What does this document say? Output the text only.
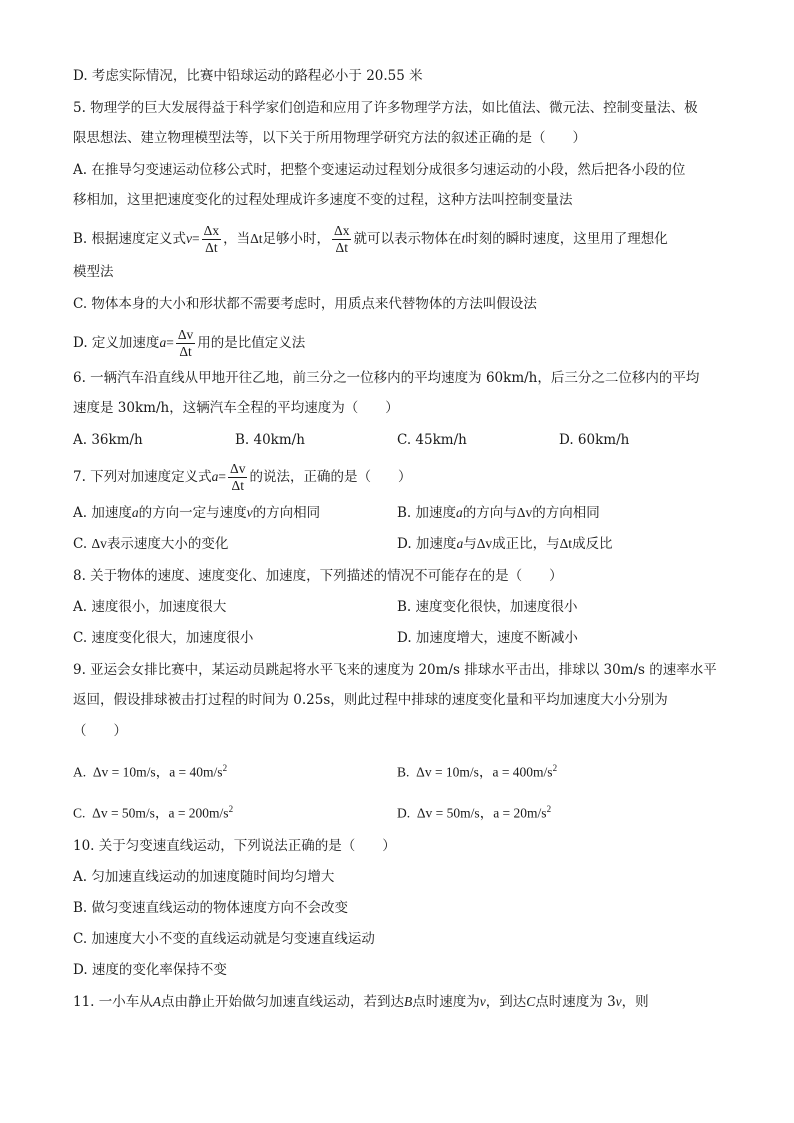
D. 考虑实际情况，比赛中铅球运动的路程必小于 20.55 米
5. 物理学的巨大发展得益于科学家们创造和应用了许多物理学方法，如比值法、微元法、控制变量法、极
限思想法、建立物理模型法等，以下关于所用物理学研究方法的叙述正确的是（　　）
A. 在推导匀变速运动位移公式时，把整个变速运动过程划分成很多匀速运动的小段，然后把各小段的位
移相加，这里把速度变化的过程处理成许多速度不变的过程，这种方法叫控制变量法
B. 根据速度定义式$v= \frac{\Delta x}{\Delta t}$ ，当Δt足够小时， $\frac{\Delta x}{\Delta t}$ 就可以表示物体在t时刻的瞬时速度，这里用了理想化
模型法
C. 物体本身的大小和形状都不需要考虑时，用质点来代替物体的方法叫假设法
D. 定义加速度$a= \frac{\Delta v}{\Delta t}$ 用的是比值定义法
6. 一辆汽车沿直线从甲地开往乙地，前三分之一位移内的平均速度为 60km/h，后三分之二位移内的平均
速度是 30km/h，这辆汽车全程的平均速度为（　　）
A. 36km/h	B. 40km/h	C. 45km/h	D. 60km/h
7. 下列对加速度定义式$a= \frac{\Delta v}{\Delta t}$ 的说法，正确的是（　　）
A. 加速度a的方向一定与速度v的方向相同	B. 加速度a的方向与Δv的方向相同
C. Δv表示速度大小的变化	D. 加速度a与Δv成正比，与Δt成反比
8. 关于物体的速度、速度变化、加速度，下列描述的情况不可能存在的是（　　）
A. 速度很小，加速度很大	B. 速度变化很快，加速度很小
C. 速度变化很大，加速度很小	D. 加速度增大，速度不断减小
9. 亚运会女排比赛中，某运动员跳起将水平飞来的速度为 20m/s 排球水平击出，排球以 30m/s 的速率水平
返回，假设排球被击打过程的时间为 0.25s，则此过程中排球的速度变化量和平均加速度大小分别为
（　　）
A. Δv = 10m/s，$a = 40m/s^2$	B. Δv = 10m/s，$a = 400m/s^2$
C. Δv = 50m/s，$a = 200m/s^2$	D. Δv = 50m/s，$a = 20m/s^2$
10. 关于匀变速直线运动，下列说法正确的是（　　）
A. 匀加速直线运动的加速度随时间均匀增大
B. 做匀变速直线运动的物体速度方向不会改变
C. 加速度大小不变的直线运动就是匀变速直线运动
D. 速度的变化率保持不变
11. 一小车从A点由静止开始做匀加速直线运动，若到达B点时速度为v，到达C点时速度为 3v，则
